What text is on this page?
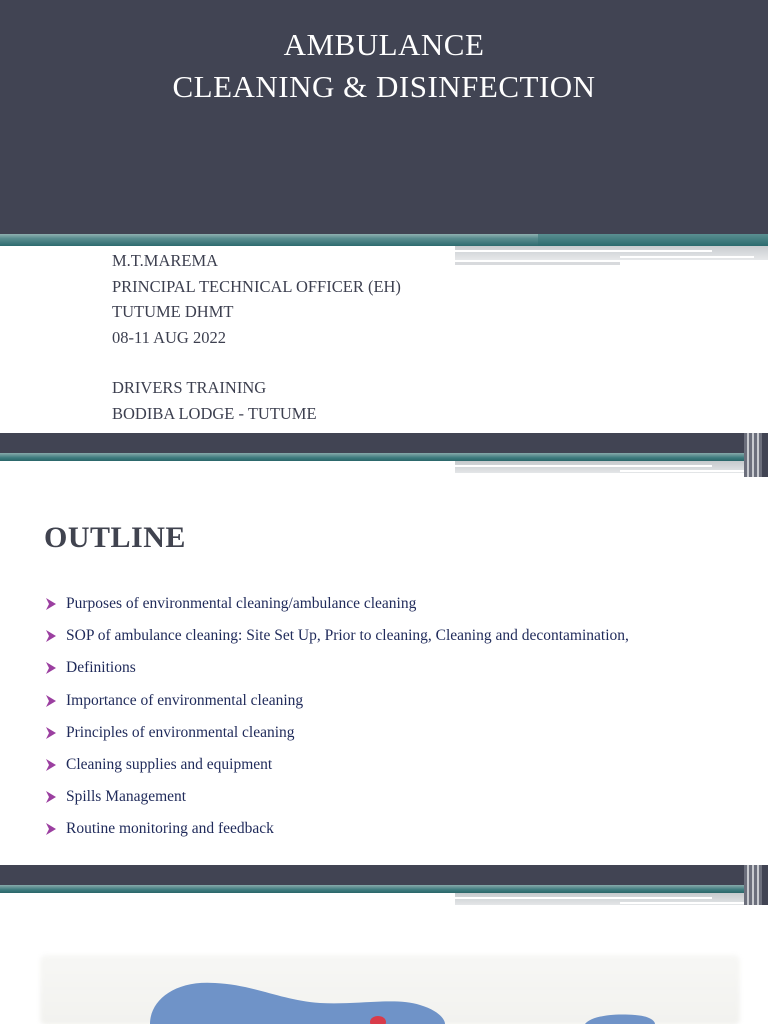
AMBULANCE
CLEANING & DISINFECTION
M.T.MAREMA
PRINCIPAL TECHNICAL OFFICER (EH)
TUTUME DHMT
08-11 AUG 2022
DRIVERS TRAINING
BODIBA LODGE - TUTUME
OUTLINE
Purposes of environmental cleaning/ambulance cleaning
SOP of ambulance cleaning: Site Set Up, Prior to cleaning, Cleaning and decontamination,
Definitions
Importance of environmental cleaning
Principles of environmental cleaning
Cleaning supplies and equipment
Spills Management
Routine monitoring and feedback
